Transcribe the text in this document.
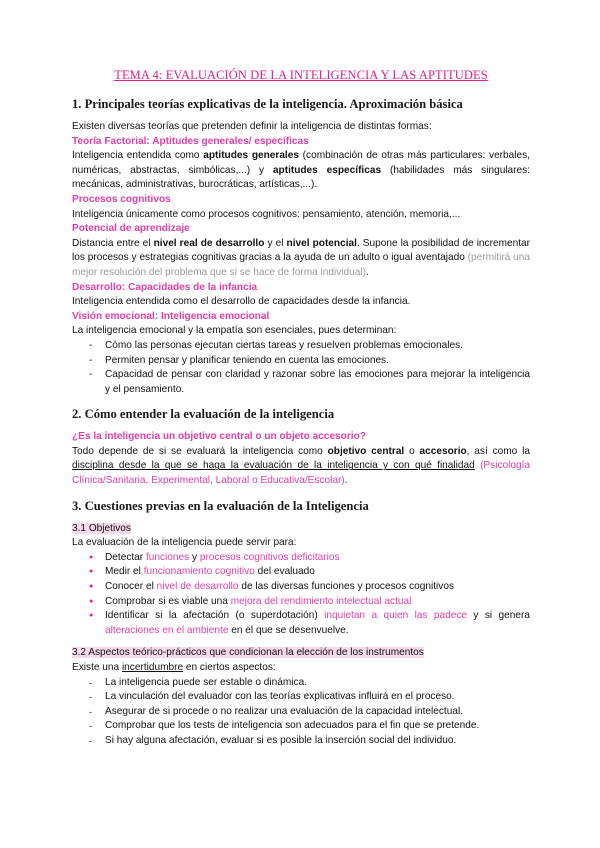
TEMA 4: EVALUACIÓN DE LA INTELIGENCIA Y LAS APTITUDES
1. Principales teorías explicativas de la inteligencia. Aproximación básica

Existen diversas teorías que pretenden definir la inteligencia de distintas formas:

Teoría Factorial: Aptitudes generales/ específicas

Inteligencia entendida como aptitudes generales (combinación de otras más particulares: verbales, numéricas, abstractas, simbólicas,...) y aptitudes específicas (habilidades más singulares: mecánicas, administrativas, burocráticas, artísticas,...).

Procesos cognitivos

Inteligencia únicamente como procesos cognitivos: pensamiento, atención, memoria,...

Potencial de aprendizaje

Distancia entre el nivel real de desarrollo y el nivel potencial. Supone la posibilidad de incrementar los procesos y estrategias cognitivas gracias a la ayuda de un adulto o igual aventajado (permitirá una mejor resolución del problema que si se hace de forma individual).

Desarrollo: Capacidades de la infancia

Inteligencia entendida como el desarrollo de capacidades desde la infancia.

Visión emocional: Inteligencia emocional

La inteligencia emocional y la empatía son esenciales, pues determinan:

- Cómo las personas ejecutan ciertas tareas y resuelven problemas emocionales.
- Permiten pensar y planificar teniendo en cuenta las emociones.
- Capacidad de pensar con claridad y razonar sobre las emociones para mejorar la inteligencia y el pensamiento.
2. Cómo entender la evaluación de la inteligencia

¿Es la inteligencia un objetivo central o un objeto accesorio?

Todo depende de si se evaluará la inteligencia como objetivo central o accesorio, así como la disciplina desde la que se haga la evaluación de la inteligencia y con qué finalidad (Psicología Clínica/Sanitaria, Experimental, Laboral o Educativa/Escolar).

3. Cuestiones previas en la evaluación de la Inteligencia

3.1 Objetivos

La evaluación de la inteligencia puede servir para:

● Detectar funciones y procesos cognitivos deficitarios
● Medir el funcionamiento cognitivo del evaluado
● Conocer el nivel de desarrollo de las diversas funciones y procesos cognitivos
● Comprobar si es viable una mejora del rendimiento intelectual actual
● Identificar si la afectación (o superdotación) inquietan a quien las padece y si genera alteraciones en el ambiente en el que se desenvuelve.

3.2 Aspectos teórico-prácticos que condicionan la elección de los instrumentos

Existe una incertidumbre en ciertos aspectos:

- La inteligencia puede ser estable o dinámica.
- La vinculación del evaluador con las teorías explicativas influirá en el proceso.
- Asegurar de si procede o no realizar una evaluación de la capacidad intelectual.
- Comprobar que los tests de inteligencia son adecuados para el fin que se pretende.
- Si hay alguna afectación, evaluar si es posible la inserción social del individuo.
